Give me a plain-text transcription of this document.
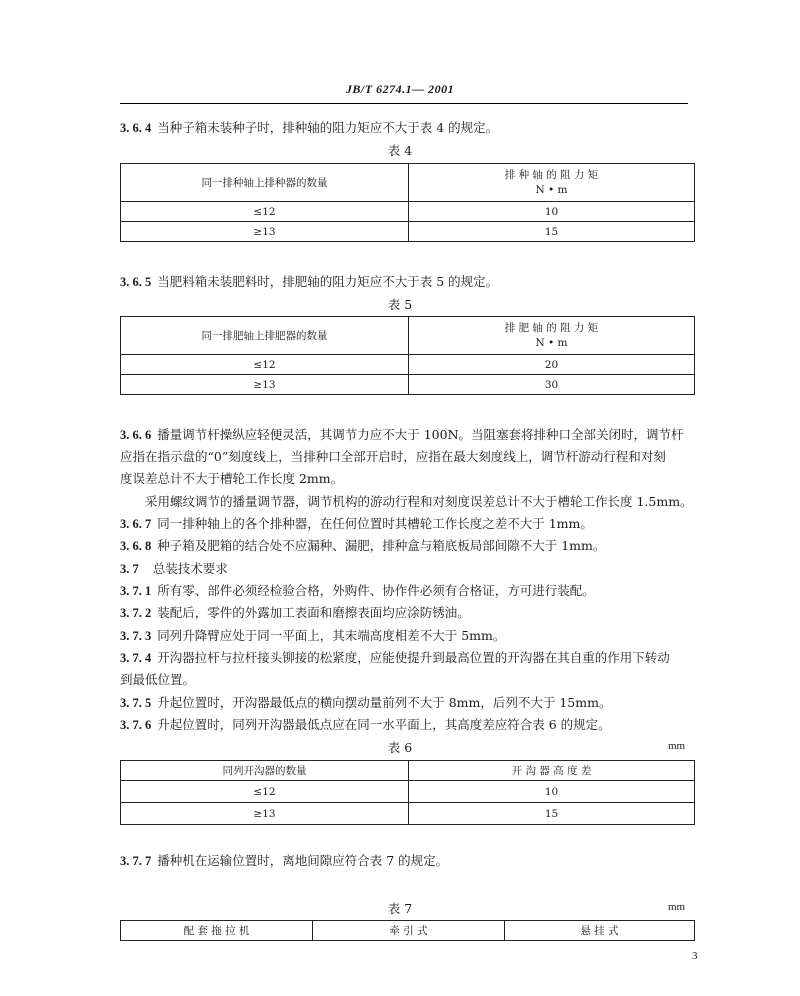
JB/T 6274.1— 2001
3. 6. 4 当种子箱未装种子时，排种轴的阻力矩应不大于表 4 的规定。
表 4
同一排种轴上排种器的数量	排 种 轴 的 阻 力 矩
N • m

≤12	10
≥13	15
3. 6. 5 当肥料箱未装肥料时，排肥轴的阻力矩应不大于表 5 的规定。
表 5
同一排肥轴上排肥器的数量	排 肥 轴 的 阻 力 矩
N • m

≤12	20
≥13	30
3. 6. 6 播量调节杆操纵应轻便灵活，其调节力应不大于 100N。当阻塞套将排种口全部关闭时，调节杆
应指在指示盘的“0”刻度线上，当排种口全部开启时，应指在最大刻度线上，调节杆游动行程和对刻
度误差总计不大于槽轮工作长度 2mm。
采用螺纹调节的播量调节器，调节机构的游动行程和对刻度误差总计不大于槽轮工作长度 1.5mm。
3. 6. 7 同一排种轴上的各个排种器，在任何位置时其槽轮工作长度之差不大于 1mm。
3. 6. 8 种子箱及肥箱的结合处不应漏种、漏肥，排种盒与箱底板局部间隙不大于 1mm。
3. 7 总装技术要求
3. 7. 1 所有零、部件必须经检验合格，外购件、协作件必须有合格证，方可进行装配。
3. 7. 2 装配后，零件的外露加工表面和磨擦表面均应涂防锈油。
3. 7. 3 同列升降臂应处于同一平面上，其末端高度相差不大于 5mm。
3. 7. 4 开沟器拉杆与拉杆接头铆接的松紧度，应能使提升到最高位置的开沟器在其自重的作用下转动
到最低位置。
3. 7. 5 升起位置时，开沟器最低点的横向摆动量前列不大于 8mm，后列不大于 15mm。
3. 7. 6 升起位置时，同列开沟器最低点应在同一水平面上，其高度差应符合表 6 的规定。
表 6	mm
同列开沟器的数量	开 沟 器 高 度 差
≤12	10
≥13	15
3. 7. 7 播种机在运输位置时，离地间隙应符合表 7 的规定。
表 7	mm
配 套 拖 拉 机	牵 引 式	悬 挂 式
3
